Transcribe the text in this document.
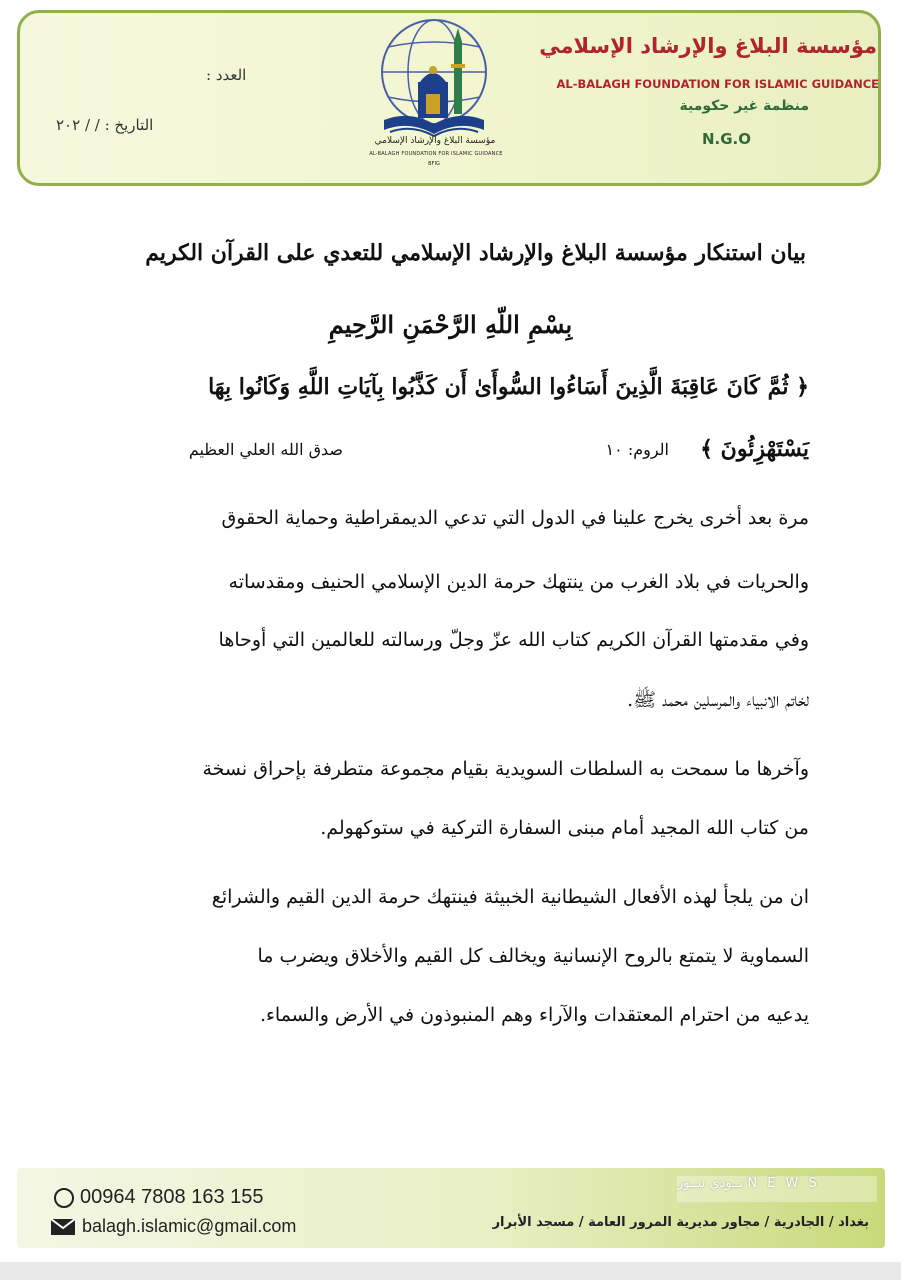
مؤسسة البلاغ والإرشاد الإسلامي
AL-BALAGH FOUNDATION FOR ISLAMIC GUIDANCE
منظمة غير حكومية
N.G.O
مؤسسة البلاغ والإرشاد الإسلامي
AL-BALAGH FOUNDATION FOR ISLAMIC GUIDANCE
BFIG
العدد :
التاريخ : / / ٢٠٢
بيان استنكار مؤسسة البلاغ والإرشاد الإسلامي للتعدي على القرآن الكريم
بِسْمِ اللّهِ الرَّحْمَنِ الرَّحِيمِ
﴿ ثُمَّ كَانَ عَاقِبَةَ الَّذِينَ أَسَاءُوا السُّوأَىٰ أَن كَذَّبُوا بِآيَاتِ اللَّهِ وَكَانُوا بِهَا
يَسْتَهْزِئُونَ ﴾
الروم: ١٠
صدق الله العلي العظيم
مرة بعد أخرى يخرج علينا في الدول التي تدعي الديمقراطية وحماية الحقوق
والحريات في بلاد الغرب من ينتهك حرمة الدين الإسلامي الحنيف ومقدساته
وفي مقدمتها القرآن الكريم كتاب الله عزّ وجلّ ورسالته للعالمين التي أوحاها
لخاتم الانبياء والمرسلين محمد ﷺ.
وآخرها ما سمحت به السلطات السويدية بقيام مجموعة متطرفة بإحراق نسخة
من كتاب الله المجيد أمام مبنى السفارة التركية في ستوكهولم.
ان من يلجأ لهذه الأفعال الشيطانية الخبيثة فينتهك حرمة الدين القيم والشرائع
السماوية لا يتمتع بالروح الإنسانية ويخالف كل القيم والأخلاق ويضرب ما
يدعيه من احترام المعتقدات والآراء وهم المنبوذون في الأرض والسماء.
تــودي نيــوز N E W S
00964 7808 163 155
balagh.islamic@gmail.com	بغداد / الجادرية / مجاور مديرية المرور العامة / مسجد الأبرار
